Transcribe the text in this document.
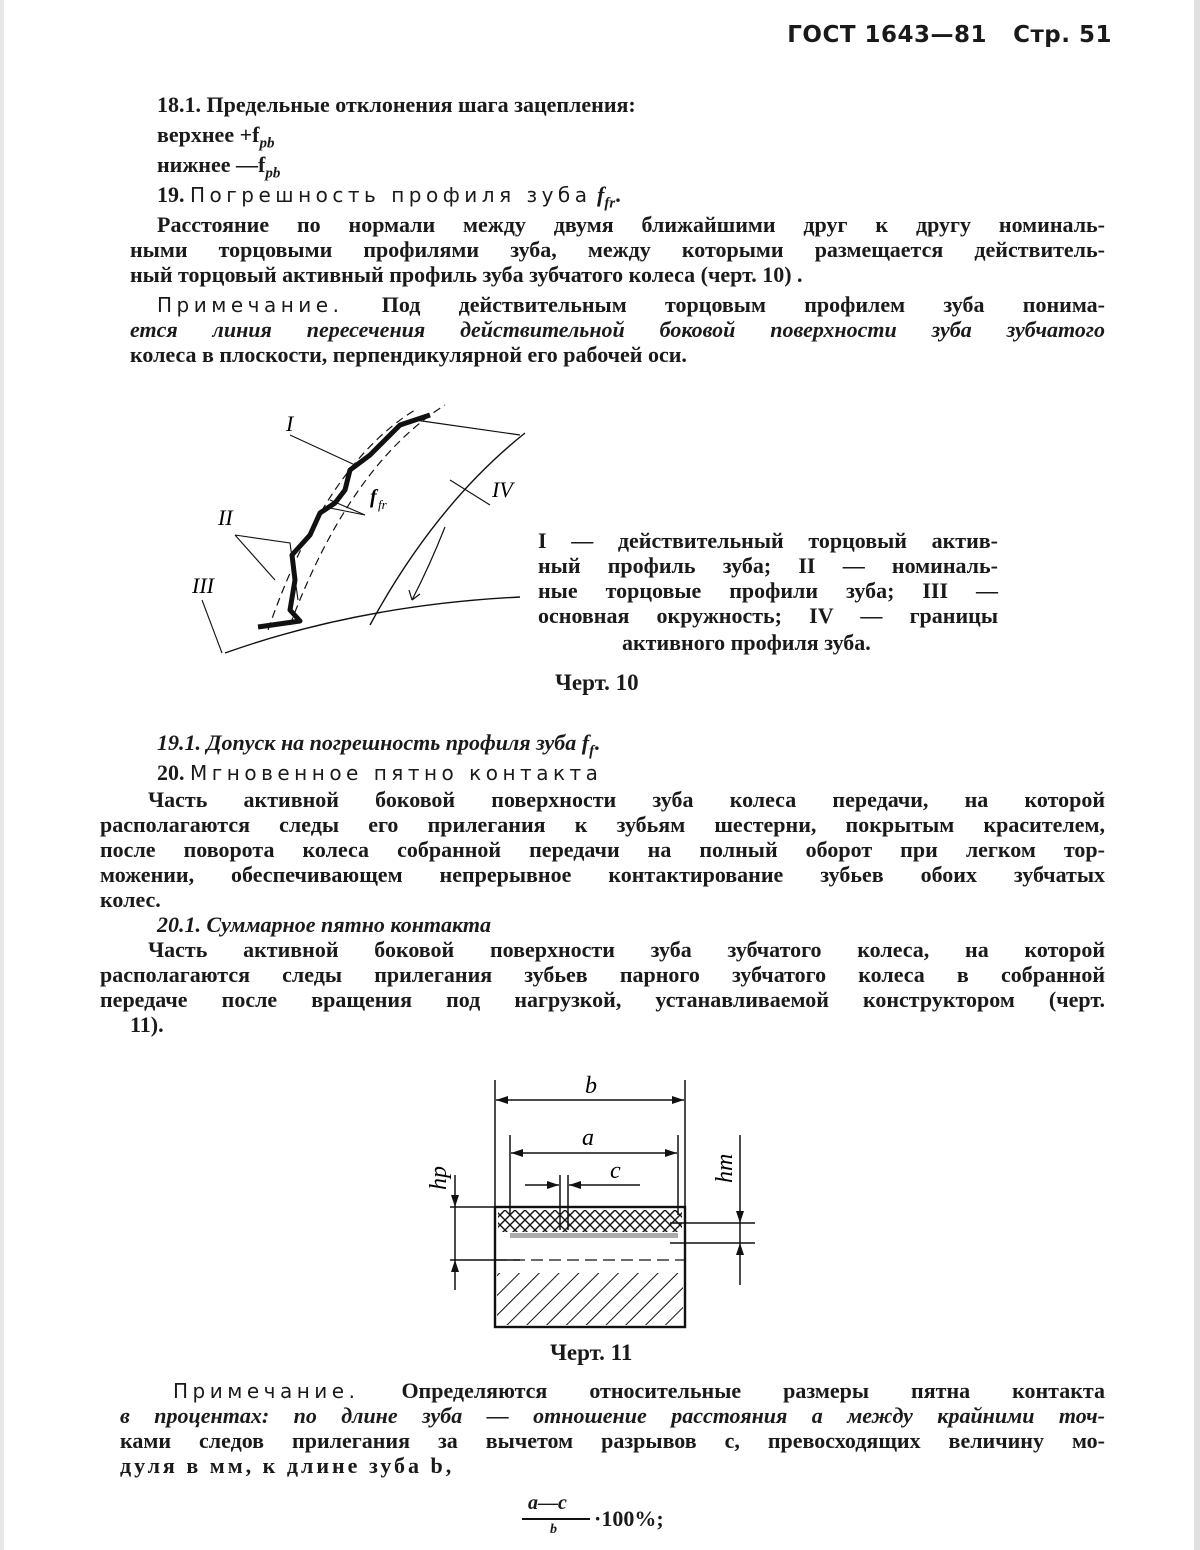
ГОСТ 1643—81 Стр. 51
18.1. Предельные отклонения шага зацепления:
верхнее $+f_{pb}$
нижнее $—f_{pb}$
19. Погрешность профиля зуба $f_{fr}$.
Расстояние по нормали между двумя ближайшими друг к другу номиналь-
ными торцовыми профилями зуба, между которыми размещается действитель-
ный торцовый активный профиль зуба зубчатого колеса (черт. 10) .
Примечание. Под действительным торцовым профилем зуба понима-
ется линия пересечения действительной боковой поверхности зуба зубчатого
колеса в плоскости, перпендикулярной его рабочей оси.
I
II
III
IV
f fr
I — действительный торцовый актив-
ный профиль зуба; II — номиналь-
ные торцовые профили зуба; III —
основная окружность; IV — границы
активного профиля зуба.
Черт. 10
19.1. Допуск на погрешность профиля зуба $f_f$.
20. Мгновенное пятно контакта
Часть активной боковой поверхности зуба колеса передачи, на которой
располагаются следы его прилегания к зубьям шестерни, покрытым красителем,
после поворота колеса собранной передачи на полный оборот при легком тор-
можении, обеспечивающем непрерывное контактирование зубьев обоих зубчатых
колес.
20.1. Суммарное пятно контакта
Часть активной боковой поверхности зуба зубчатого колеса, на которой
располагаются следы прилегания зубьев парного зубчатого колеса в собранной
передаче после вращения под нагрузкой, устанавливаемой конструктором (черт.
11).
b
a
c
hp	hm
Черт. 11
Примечание. Определяются относительные размеры пятна контакта
в процентах: по длине зуба — отношение расстояния а между крайними точ-
ками следов прилегания за вычетом разрывов с, превосходящих величину мо-
дуля в мм, к длине зуба b,
a—c
b ·100%;
